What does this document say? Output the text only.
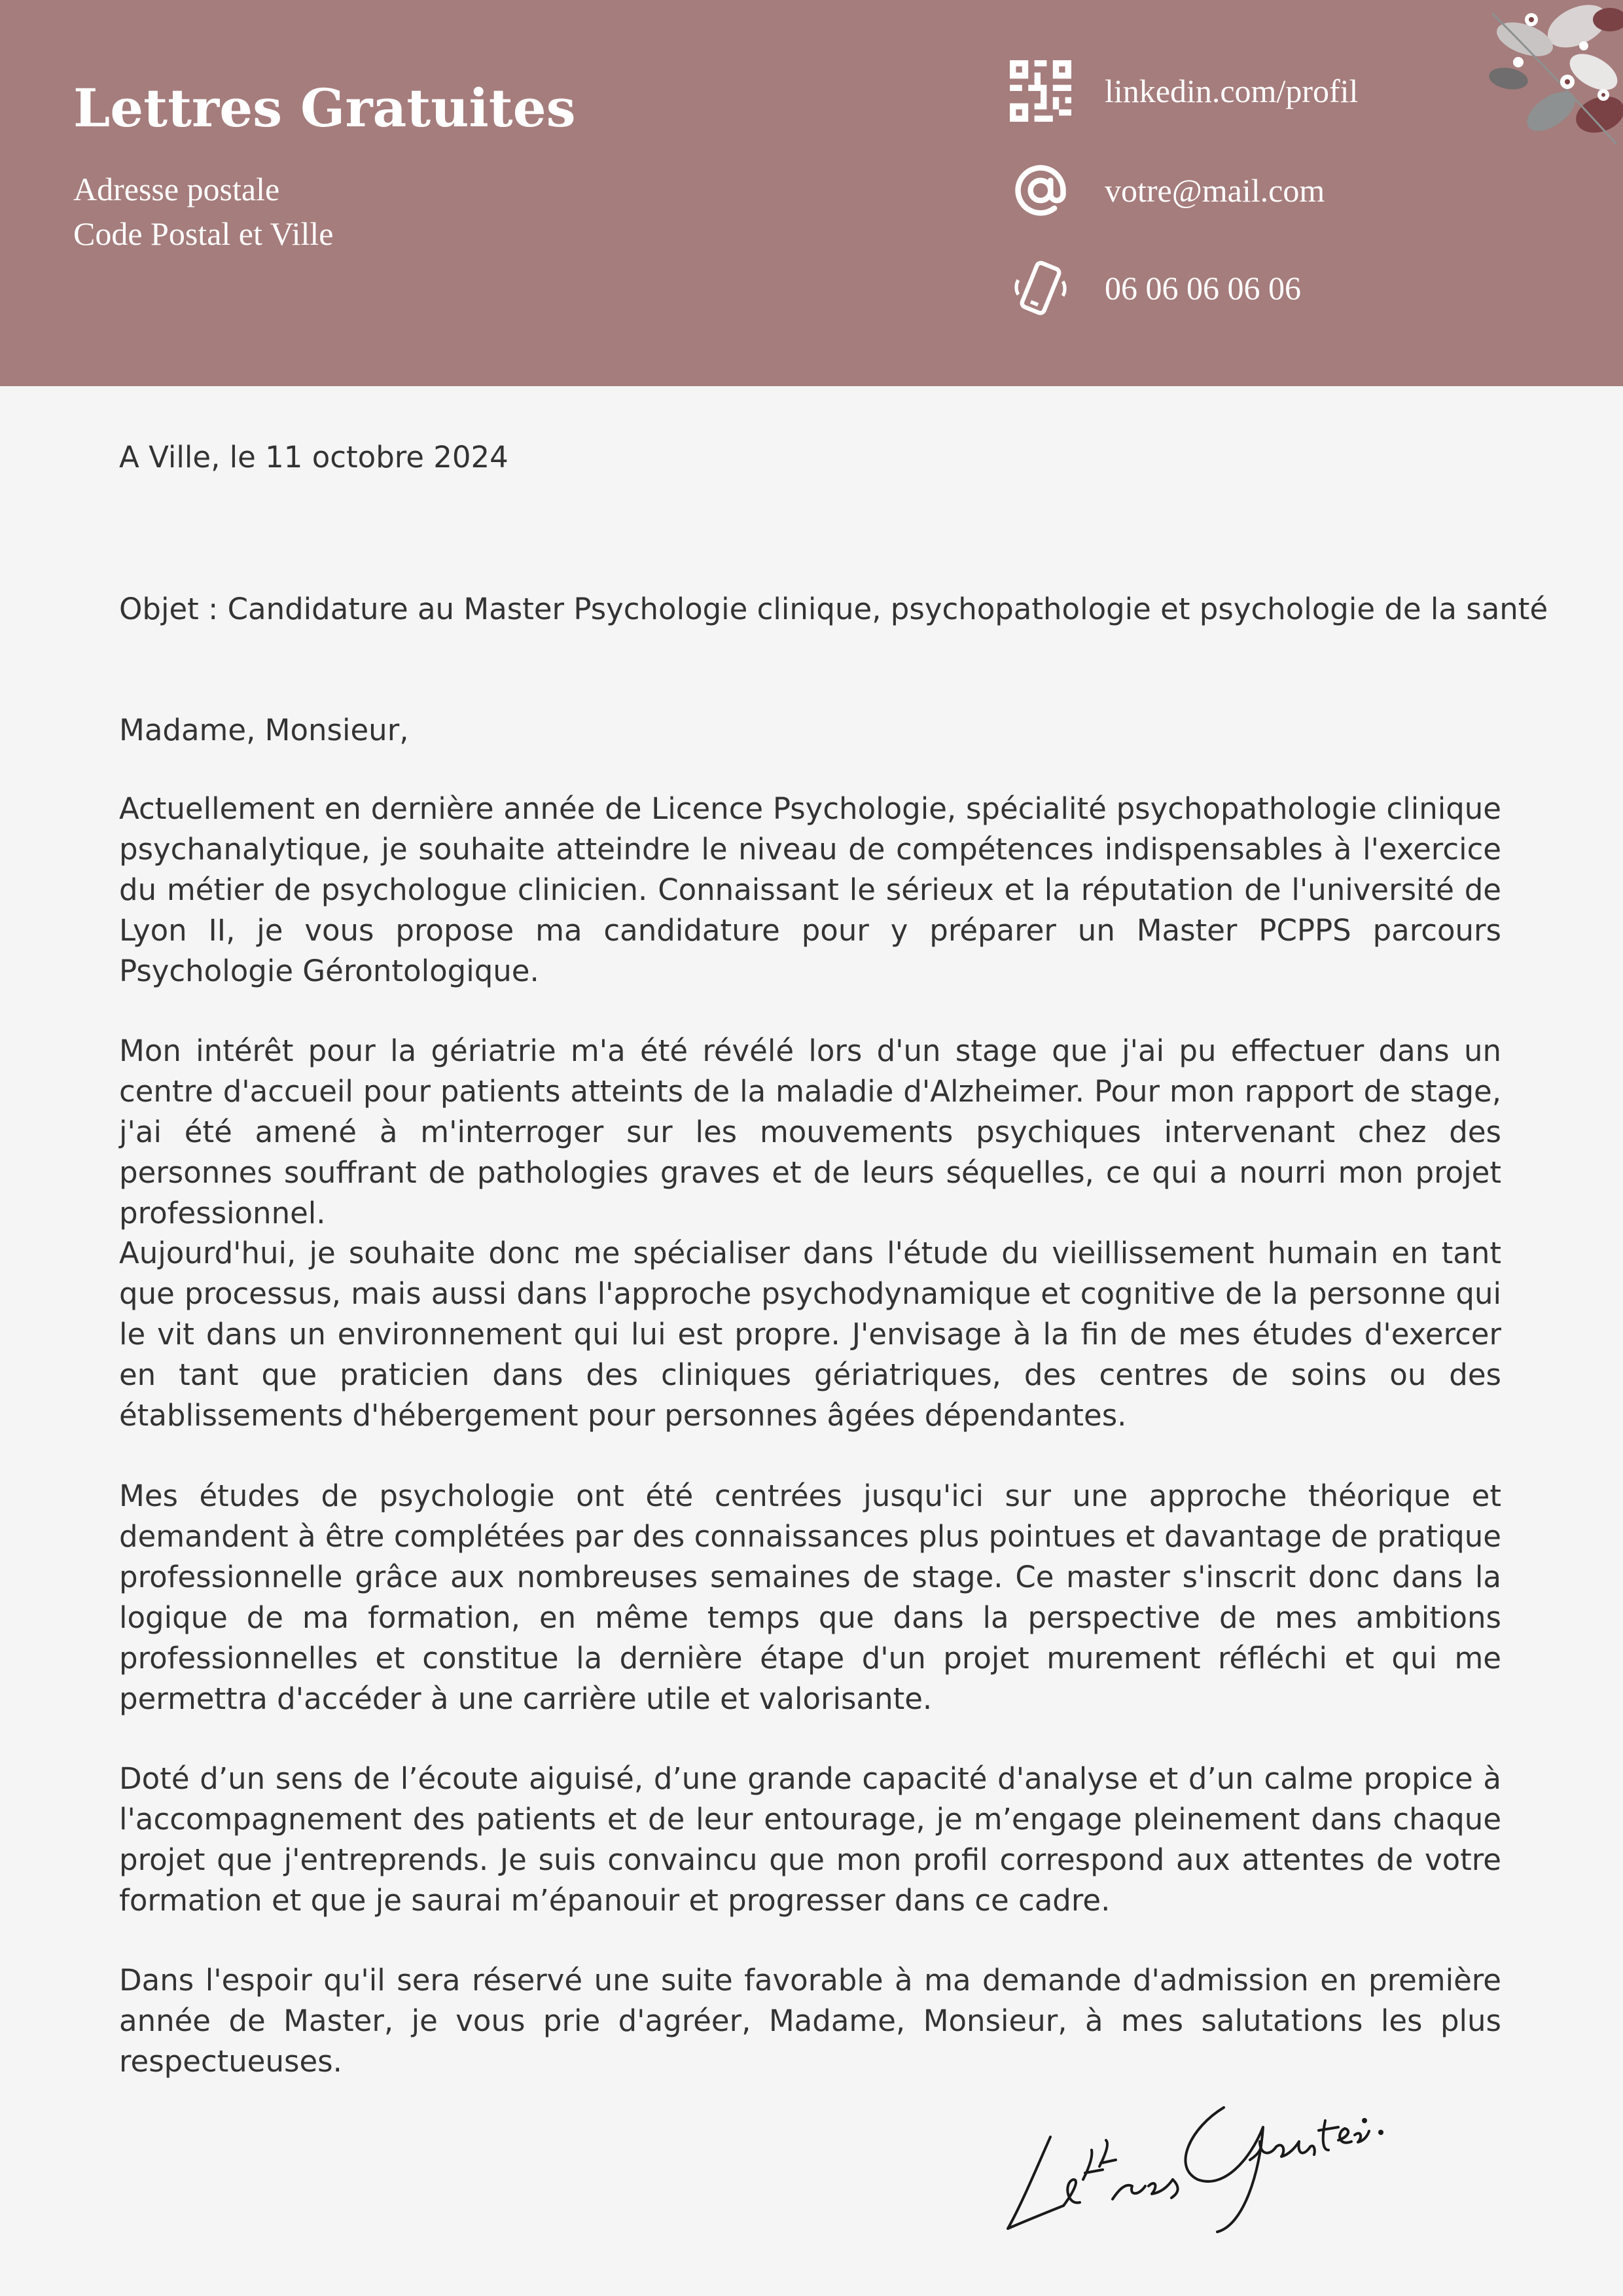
Lettres Gratuites
Adresse postale
Code Postal et Ville
linkedin.com/profil
votre@mail.com
06 06 06 06 06
A Ville, le 11 octobre 2024
Objet : Candidature au Master Psychologie clinique, psychopathologie et psychologie de la santé
Madame, Monsieur,
Actuellement en dernière année de Licence Psychologie, spécialité psychopathologie clinique psychanalytique, je souhaite atteindre le niveau de compétences indispensables à l'exercice du métier de psychologue clinicien. Connaissant le sérieux et la réputation de l'université de Lyon II, je vous propose ma candidature pour y préparer un Master PCPPS parcours Psychologie Gérontologique.
Mon intérêt pour la gériatrie m'a été révélé lors d'un stage que j'ai pu effectuer dans un centre d'accueil pour patients atteints de la maladie d'Alzheimer. Pour mon rapport de stage, j'ai été amené à m'interroger sur les mouvements psychiques intervenant chez des personnes souffrant de pathologies graves et de leurs séquelles, ce qui a nourri mon projet professionnel.
Aujourd'hui, je souhaite donc me spécialiser dans l'étude du vieillissement humain en tant que processus, mais aussi dans l'approche psychodynamique et cognitive de la personne qui le vit dans un environnement qui lui est propre. J'envisage à la fin de mes études d'exercer en tant que praticien dans des cliniques gériatriques, des centres de soins ou des établissements d'hébergement pour personnes âgées dépendantes.
Mes études de psychologie ont été centrées jusqu'ici sur une approche théorique et demandent à être complétées par des connaissances plus pointues et davantage de pratique professionnelle grâce aux nombreuses semaines de stage. Ce master s'inscrit donc dans la logique de ma formation, en même temps que dans la perspective de mes ambitions professionnelles et constitue la dernière étape d'un projet murement réfléchi et qui me permettra d'accéder à une carrière utile et valorisante.
Doté d’un sens de l’écoute aiguisé, d’une grande capacité d'analyse et d’un calme propice à l'accompagnement des patients et de leur entourage, je m’engage pleinement dans chaque projet que j'entreprends. Je suis convaincu que mon profil correspond aux attentes de votre formation et que je saurai m’épanouir et progresser dans ce cadre.
Dans l'espoir qu'il sera réservé une suite favorable à ma demande d'admission en première année de Master, je vous prie d'agréer, Madame, Monsieur, à mes salutations les plus respectueuses.
